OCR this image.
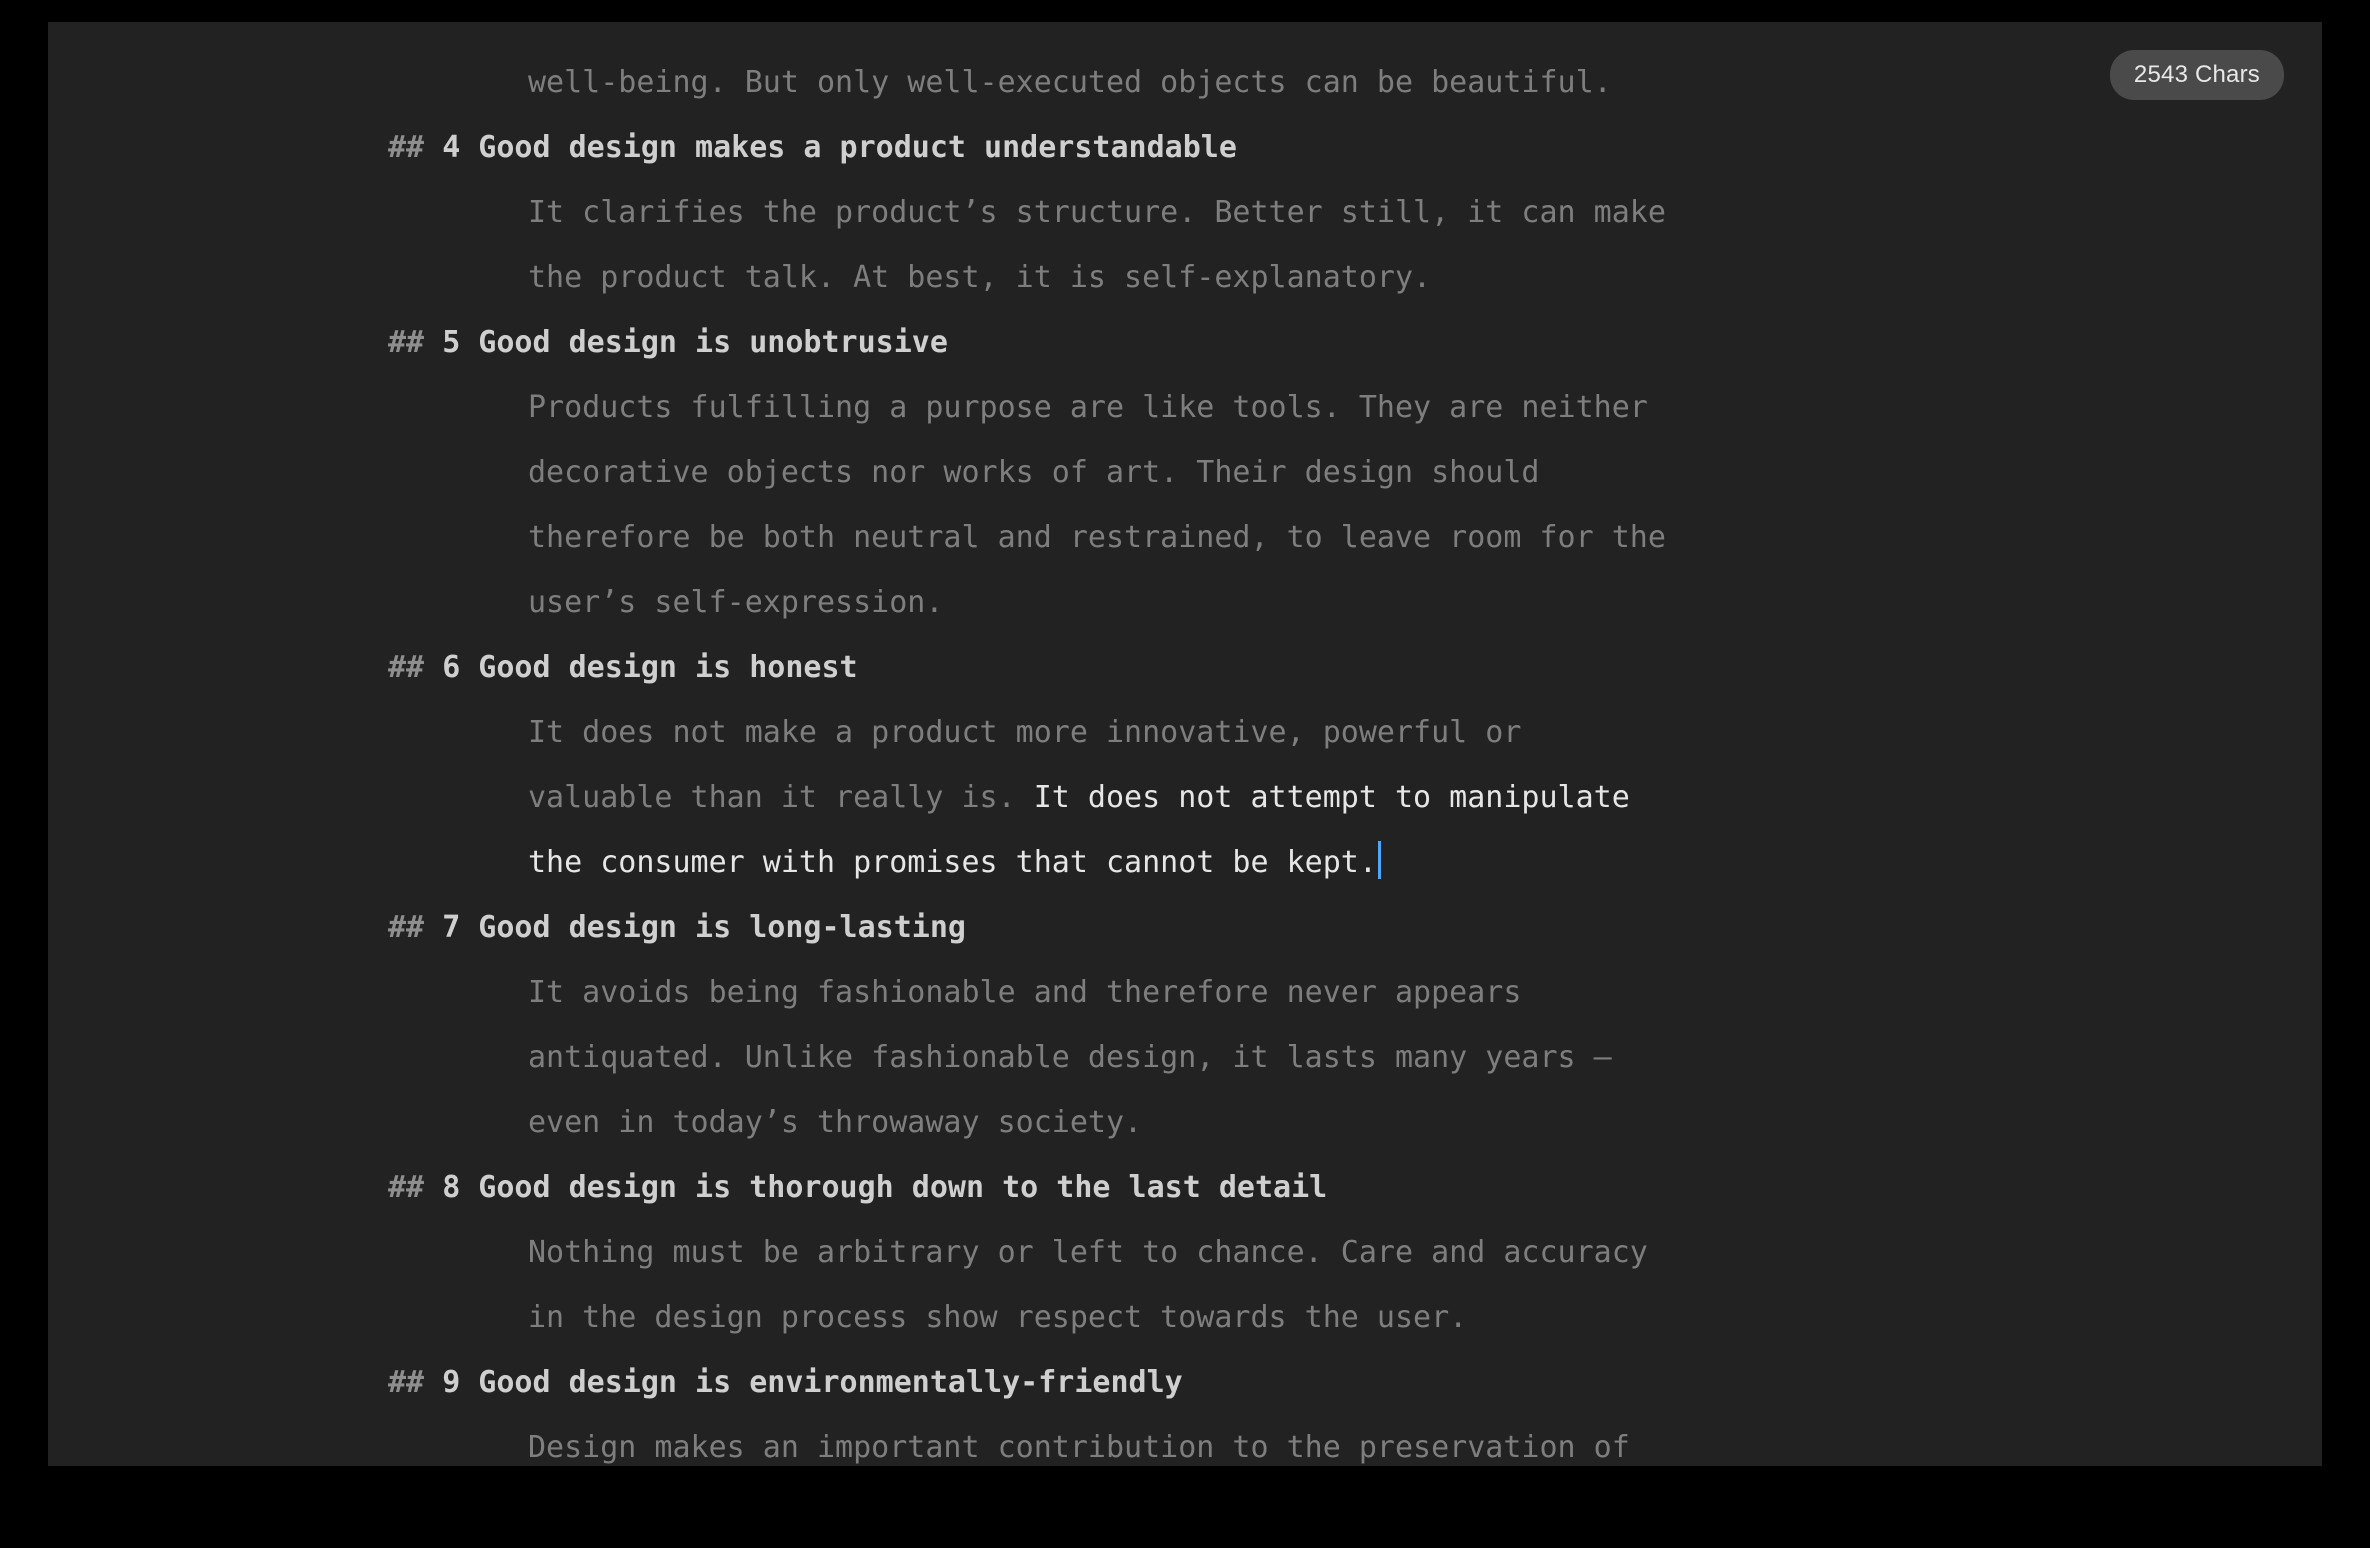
2543 Chars
well-being. But only well-executed objects can be beautiful.
## 4 Good design makes a product understandable
It clarifies the product’s structure. Better still, it can make
the product talk. At best, it is self-explanatory.
## 5 Good design is unobtrusive
Products fulfilling a purpose are like tools. They are neither
decorative objects nor works of art. Their design should
therefore be both neutral and restrained, to leave room for the
user’s self-expression.
## 6 Good design is honest
It does not make a product more innovative, powerful or
valuable than it really is. It does not attempt to manipulate
the consumer with promises that cannot be kept.
## 7 Good design is long-lasting
It avoids being fashionable and therefore never appears
antiquated. Unlike fashionable design, it lasts many years –
even in today’s throwaway society.
## 8 Good design is thorough down to the last detail
Nothing must be arbitrary or left to chance. Care and accuracy
in the design process show respect towards the user.
## 9 Good design is environmentally-friendly
Design makes an important contribution to the preservation of
